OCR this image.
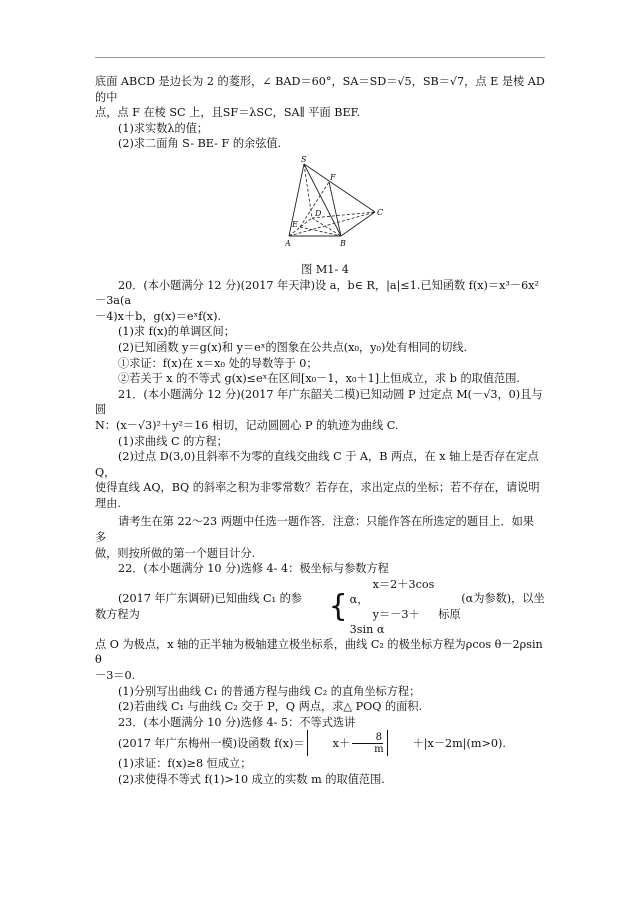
底面 ABCD 是边长为 2 的菱形，∠ BAD＝60°，SA＝SD＝√5，SB＝√7，点 E 是棱 AD 的中

点，点 F 在棱 SC 上，且SF＝λSC，SA∥ 平面 BEF.

(1)求实数λ的值；

(2)求二面角 S- BE- F 的余弦值.

S
F
C
D
E
A	B

图 M1- 4

20．(本小题满分 12 分)(2017 年天津)设 a，b∈ R，|a|≤1.已知函数 f(x)＝x³－6x²－3a(a

－4)x＋b，g(x)＝eˣf(x).

(1)求 f(x)的单调区间；

(2)已知函数 y＝g(x)和 y＝eˣ的图象在公共点(x₀，y₀)处有相同的切线.

①求证：f(x)在 x＝x₀ 处的导数等于 0；

②若关于 x 的不等式 g(x)≤eˣ在区间[x₀－1，x₀＋1]上恒成立，求 b 的取值范围.

21．(本小题满分 12 分)(2017 年广东韶关二模)已知动圆 P 过定点 M(－√3，0)且与圆

N：(x－√3)²＋y²＝16 相切，记动圆圆心 P 的轨迹为曲线 C.

(1)求曲线 C 的方程；

(2)过点 D(3,0)且斜率不为零的直线交曲线 C 于 A，B 两点，在 x 轴上是否存在定点 Q，

使得直线 AQ，BQ 的斜率之积为非零常数？若存在，求出定点的坐标；若不存在，请说明

理由.

请考生在第 22～23 两题中任选一题作答．注意：只能作答在所选定的题目上．如果多

做，则按所做的第一个题目计分.

22．(本小题满分 10 分)选修 4- 4：极坐标与参数方程

(2017 年广东调研)已知曲线 C₁ 的参数方程为	{
x＝2＋3cos α，
y＝－3＋3sin α
(α为参数)，以坐标原

点 O 为极点，x 轴的正半轴为极轴建立极坐标系，曲线 C₂ 的极坐标方程为ρcos θ－2ρsin θ

－3＝0.

(1)分别写出曲线 C₁ 的普通方程与曲线 C₂ 的直角坐标方程；

(2)若曲线 C₁ 与曲线 C₂ 交于 P，Q 两点，求△ POQ 的面积.

23．(本小题满分 10 分)选修 4- 5：不等式选讲

(2017 年广东梅州一模)设函数 f(x)＝	$x+ \frac{8}{m}$	＋|x－2m|(m>0).

(1)求证：f(x)≥8 恒成立；

(2)求使得不等式 f(1)>10 成立的实数 m 的取值范围.
